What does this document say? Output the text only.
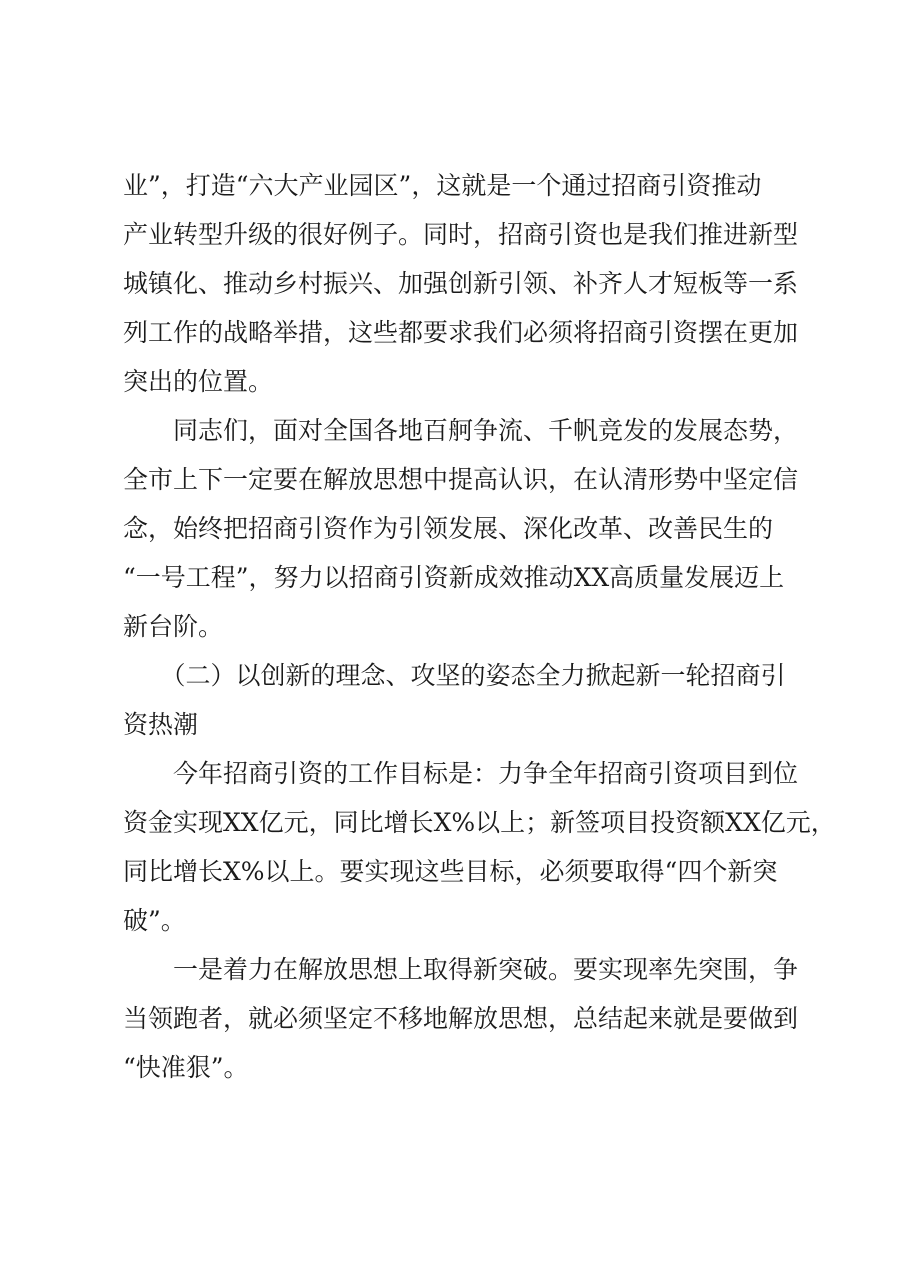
业”，打造“六大产业园区”，这就是一个通过招商引资推动
产业转型升级的很好例子。同时，招商引资也是我们推进新型
城镇化、推动乡村振兴、加强创新引领、补齐人才短板等一系
列工作的战略举措，这些都要求我们必须将招商引资摆在更加
突出的位置。
　　同志们，面对全国各地百舸争流、千帆竞发的发展态势，
全市上下一定要在解放思想中提高认识，在认清形势中坚定信
念，始终把招商引资作为引领发展、深化改革、改善民生的
“一号工程”，努力以招商引资新成效推动XX高质量发展迈上
新台阶。
　　（二）以创新的理念、攻坚的姿态全力掀起新一轮招商引
资热潮
　　今年招商引资的工作目标是：力争全年招商引资项目到位
资金实现XX亿元，同比增长X%以上；新签项目投资额XX亿元，
同比增长X%以上。要实现这些目标，必须要取得“四个新突
破”。
　　一是着力在解放思想上取得新突破。要实现率先突围，争
当领跑者，就必须坚定不移地解放思想，总结起来就是要做到
“快准狠”。
